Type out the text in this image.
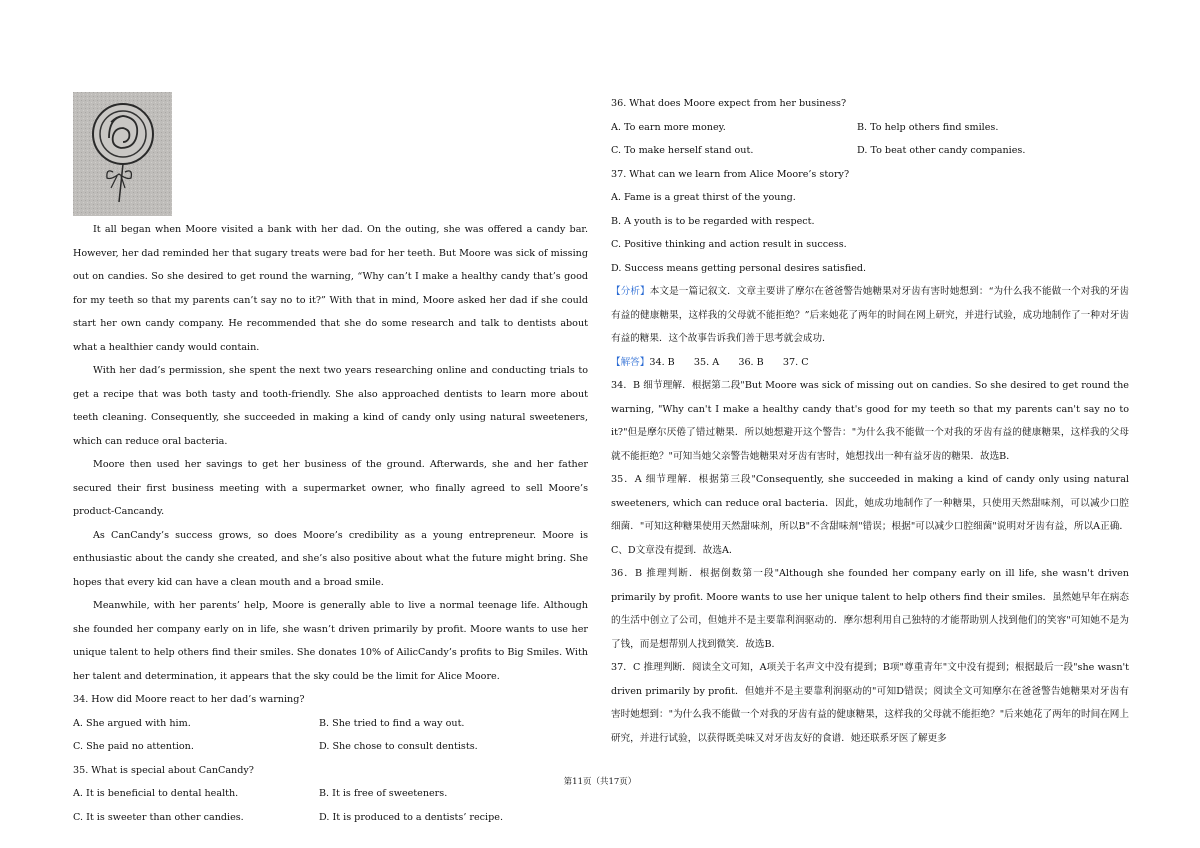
It all began when Moore visited a bank with her dad. On the outing, she was offered a candy bar. However, her dad reminded her that sugary treats were bad for her teeth. But Moore was sick of missing out on candies. So she desired to get round the warning, “Why can’t I make a healthy candy that’s good for my teeth so that my parents can’t say no to it?” With that in mind, Moore asked her dad if she could start her own candy company. He recommended that she do some research and talk to dentists about what a healthier candy would contain.

With her dad’s permission, she spent the next two years researching online and conducting trials to get a recipe that was both tasty and tooth-friendly. She also approached dentists to learn more about teeth cleaning. Consequently, she succeeded in making a kind of candy only using natural sweeteners, which can reduce oral bacteria.

Moore then used her savings to get her business of the ground. Afterwards, she and her father secured their first business meeting with a supermarket owner, who finally agreed to sell Moore’s product-Cancandy.

As CanCandy’s success grows, so does Moore’s credibility as a young entrepreneur. Moore is enthusiastic about the candy she created, and she’s also positive about what the future might bring. She hopes that every kid can have a clean mouth and a broad smile.

Meanwhile, with her parents’ help, Moore is generally able to live a normal teenage life. Although she founded her company early on in life, she wasn’t driven primarily by profit. Moore wants to use her unique talent to help others find their smiles. She donates 10% of AilicCandy’s profits to Big Smiles. With her talent and determination, it appears that the sky could be the limit for Alice Moore.

34. How did Moore react to her dad’s warning?

A. She argued with him.	B. She tried to find a way out.
C. She paid no attention.	D. She chose to consult dentists.

35. What is special about CanCandy?

A. It is beneficial to dental health.	B. It is free of sweeteners.
C. It is sweeter than other candies.	D. It is produced to a dentists’ recipe.

36. What does Moore expect from her business?

A. To earn more money.	B. To help others find smiles.
C. To make herself stand out.	D. To beat other candy companies.

37. What can we learn from Alice Moore’s story?

A. Fame is a great thirst of the young.

B. A youth is to be regarded with respect.

C. Positive thinking and action result in success.

D. Success means getting personal desires satisfied.

【分析】本文是一篇记叙文．文章主要讲了摩尔在爸爸警告她糖果对牙齿有害时她想到：“为什么我不能做一个对我的牙齿有益的健康糖果，这样我的父母就不能拒绝？”后来她花了两年的时间在网上研究，并进行试验，成功地制作了一种对牙齿有益的糖果．这个故事告诉我们善于思考就会成功．

【解答】34. B　　35. A　　36. B　　37. C

34．B 细节理解．根据第二段"But Moore was sick of missing out on candies. So she desired to get round the warning, "Why can't I make a healthy candy that's good for my teeth so that my parents can't say no to it?"但是摩尔厌倦了错过糖果．所以她想避开这个警告："为什么我不能做一个对我的牙齿有益的健康糖果，这样我的父母就不能拒绝？"可知当她父亲警告她糖果对牙齿有害时，她想找出一种有益牙齿的糖果．故选B．

35．A 细节理解．根据第三段"Consequently, she succeeded in making a kind of candy only using natural sweeteners, which can reduce oral bacteria．因此，她成功地制作了一种糖果，只使用天然甜味剂，可以减少口腔细菌．"可知这种糖果使用天然甜味剂，所以B"不含甜味剂"错误；根据"可以减少口腔细菌"说明对牙齿有益，所以A正确．C、D文章没有提到．故选A．

36．B 推理判断．根据倒数第一段"Although she founded her company early on ill life, she wasn't driven primarily by profit. Moore wants to use her unique talent to help others find their smiles．虽然她早年在病态的生活中创立了公司，但她并不是主要靠利润驱动的．摩尔想利用自己独特的才能帮助别人找到他们的笑容"可知她不是为了钱，而是想帮别人找到微笑．故选B．

37．C 推理判断．阅读全文可知，A项关于名声文中没有提到；B项"尊重青年"文中没有提到；根据最后一段"she wasn't driven primarily by profit．但她并不是主要靠利润驱动的"可知D错误；阅读全文可知摩尔在爸爸警告她糖果对牙齿有害时她想到："为什么我不能做一个对我的牙齿有益的健康糖果，这样我的父母就不能拒绝？"后来她花了两年的时间在网上研究，并进行试验，以获得既美味又对牙齿友好的食谱．她还联系牙医了解更多

第11页（共17页）
